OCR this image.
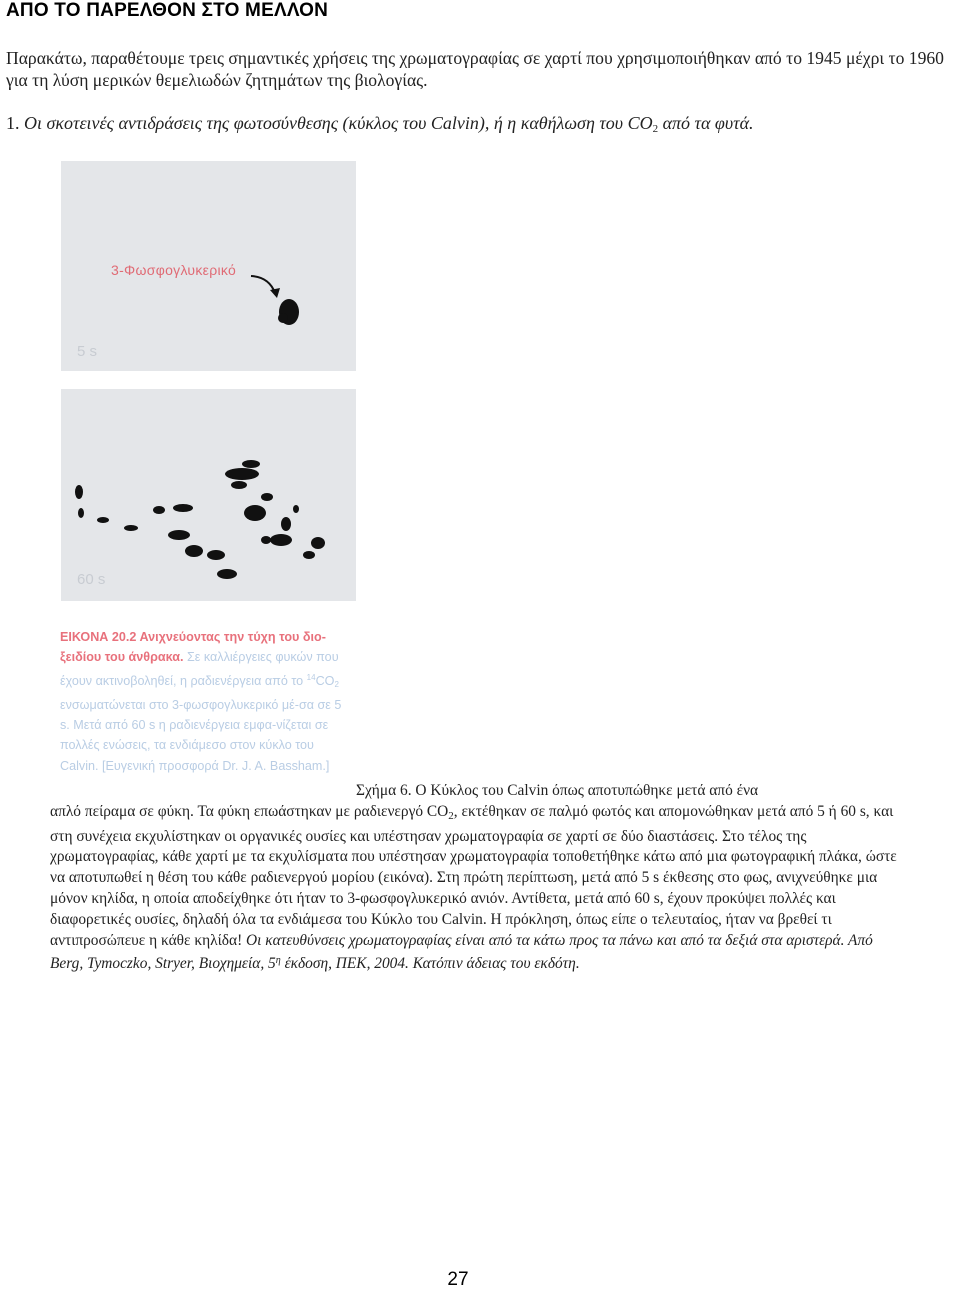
ΑΠΟ ΤΟ ΠΑΡΕΛΘΟΝ ΣΤΟ ΜΕΛΛΟΝ
Παρακάτω, παραθέτουμε τρεις σημαντικές χρήσεις της χρωματογραφίας σε χαρτί που χρησιμοποιήθηκαν από το 1945 μέχρι το 1960 για τη λύση μερικών θεμελιωδών ζητημάτων της βιολογίας.
1. Οι σκοτεινές αντιδράσεις της φωτοσύνθεσης (κύκλος του Calvin), ή η καθήλωση του $CO_2$ από τα φυτά.
3-Φωσφογλυκερικό
5 s
60 s

ΕΙΚΟΝΑ 20.2 Ανιχνεύοντας την τύχη του διο-ξειδίου του άνθρακα. Σε καλλιέργειες φυκών που έχουν ακτινοβοληθεί, η ραδιενέργεια από το $^{14}CO_2$ ενσωματώνεται στο 3-φωσφογλυκερικό μέ-σα σε 5 s. Μετά από 60 s η ραδιενέργεια εμφα-νίζεται σε πολλές ενώσεις, τα ενδιάμεσο στον κύκλο του Calvin. [Ευγενική προσφορά Dr. J. A. Bassham.]

Σχήμα 6. Ο Κύκλος του Calvin όπως αποτυπώθηκε μετά από ένα
απλό πείραμα σε φύκη. Τα φύκη επωάστηκαν με ραδιενεργό $CO_2$, εκτέθηκαν σε παλμό φωτός και απομονώθηκαν μετά από 5 ή 60 s, και στη συνέχεια εκχυλίστηκαν οι οργανικές ουσίες και υπέστησαν χρωματογραφία σε χαρτί σε δύο διαστάσεις. Στο τέλος της χρωματογραφίας, κάθε χαρτί με τα εκχυλίσματα που υπέστησαν χρωματογραφία τοποθετήθηκε κάτω από μια φωτογραφική πλάκα, ώστε να αποτυπωθεί η θέση του κάθε ραδιενεργού μορίου (εικόνα). Στη πρώτη περίπτωση, μετά από 5 s έκθεσης στο φως, ανιχνεύθηκε μια μόνον κηλίδα, η οποία αποδείχθηκε ότι ήταν το 3-φωσφογλυκερικό ανιόν. Αντίθετα, μετά από 60 s, έχουν προκύψει πολλές και διαφορετικές ουσίες, δηλαδή όλα τα ενδιάμεσα του Κύκλο του Calvin. Η πρόκληση, όπως είπε ο τελευταίος, ήταν να βρεθεί τι αντιπροσώπευε η κάθε κηλίδα! Οι κατευθύνσεις χρωματογραφίας είναι από τα κάτω προς τα πάνω και από τα δεξιά στα αριστερά. Από Berg, Tymoczko, Stryer, Βιοχημεία, $5^\eta$ έκδοση, ΠΕΚ, 2004. Κατόπιν άδειας του εκδότη.

27
